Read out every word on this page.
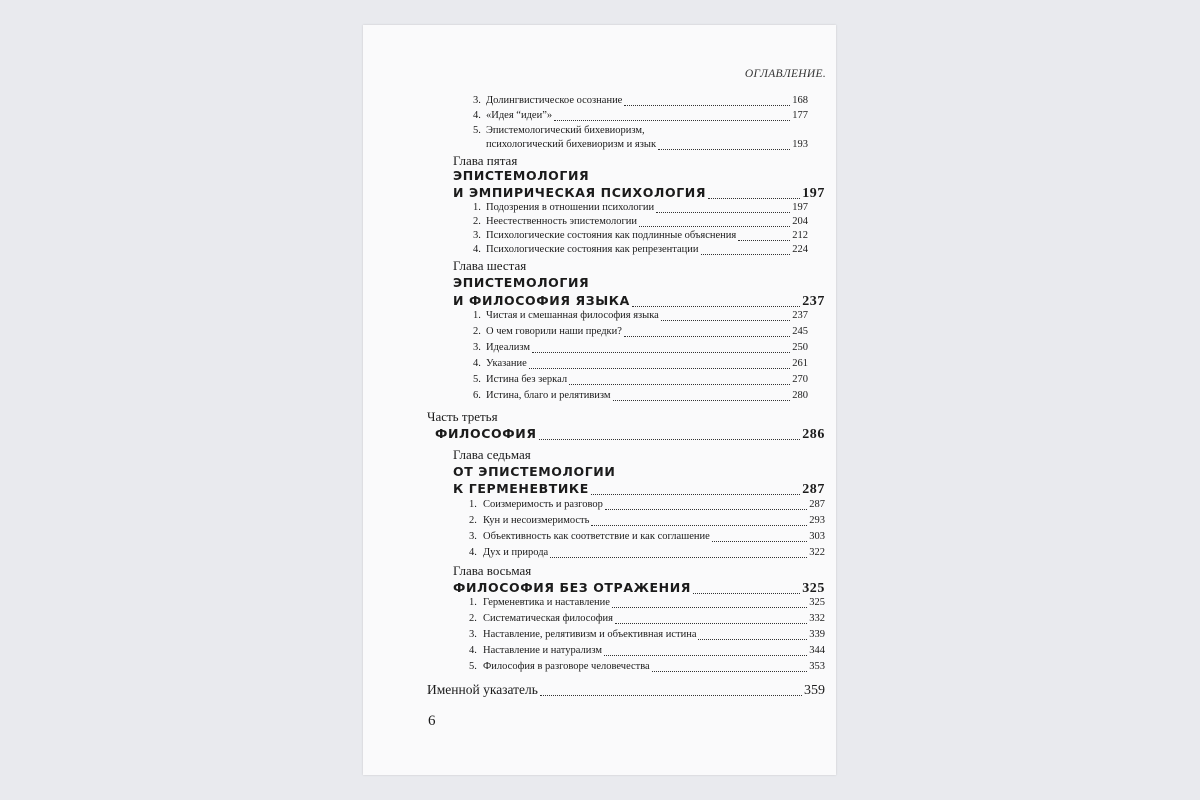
ОГЛАВЛЕНИЕ.
3. Долингвистическое осознание	168
4. «Идея “идеи”»	177
5. Эпистемологический бихевиоризм,
психологический бихевиоризм и язык	193
Глава пятая
ЭПИСТЕМОЛОГИЯ
И ЭМПИРИЧЕСКАЯ ПСИХОЛОГИЯ	197
1. Подозрения в отношении психологии	197
2. Неестественность эпистемологии	204
3. Психологические состояния как подлинные объяснения	212
4. Психологические состояния как репрезентации	224
Глава шестая
ЭПИСТЕМОЛОГИЯ
И ФИЛОСОФИЯ ЯЗЫКА	237
1. Чистая и смешанная философия языка	237
2. О чем говорили наши предки?	245
3. Идеализм	250
4. Указание	261
5. Истина без зеркал	270
6. Истина, благо и релятивизм	280
Часть третья
ФИЛОСОФИЯ	286
Глава седьмая
ОТ ЭПИСТЕМОЛОГИИ
К ГЕРМЕНЕВТИКЕ	287
1. Соизмеримость и разговор	287
2. Кун и несоизмеримость	293
3. Объективность как соответствие и как соглашение	303
4. Дух и природа	322
Глава восьмая
ФИЛОСОФИЯ БЕЗ ОТРАЖЕНИЯ	325
1. Герменевтика и наставление	325
2. Систематическая философия	332
3. Наставление, релятивизм и объективная истина	339
4. Наставление и натурализм	344
5. Философия в разговоре человечества	353
Именной указатель	359
6
